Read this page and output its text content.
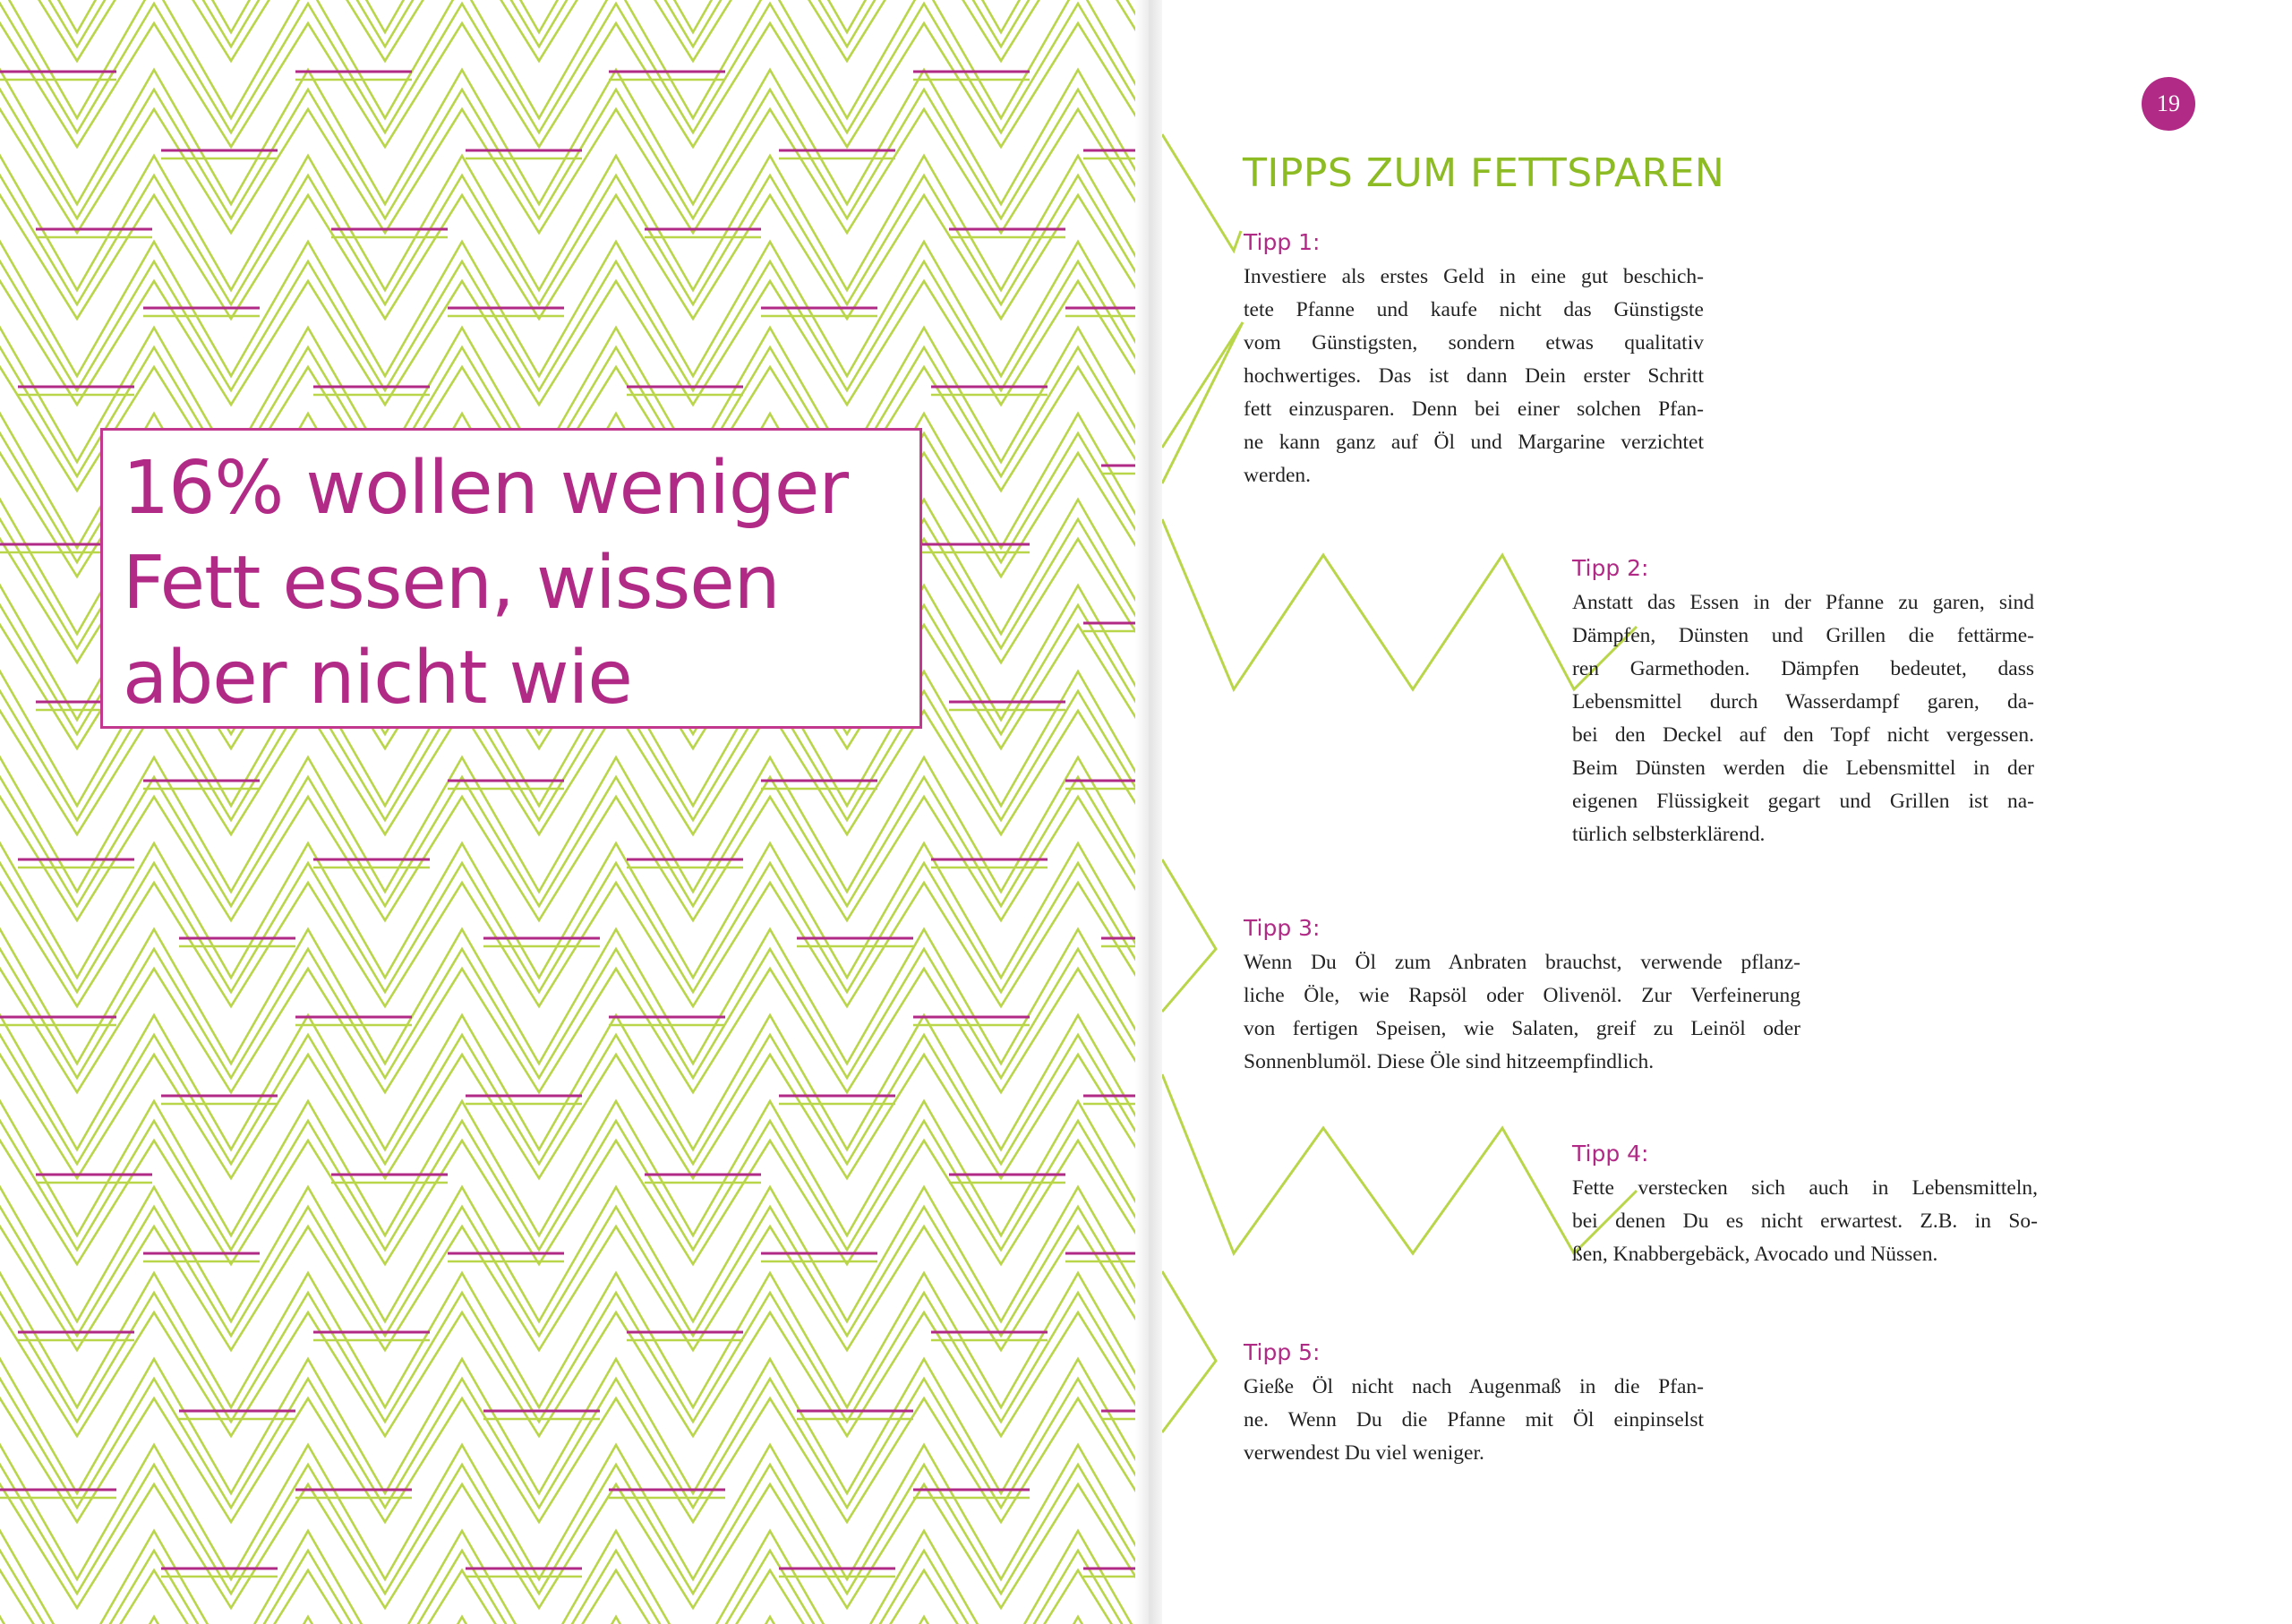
16% wollen weniger
Fett essen, wissen
aber nicht wie
19
TIPPS ZUM FETTSPAREN
Tipp 1:
Investiere als erstes Geld in eine gut beschich-
tete Pfanne und kaufe nicht das Günstigste
vom Günstigsten, sondern etwas qualitativ
hochwertiges. Das ist dann Dein erster Schritt
fett einzusparen. Denn bei einer solchen Pfan-
ne kann ganz auf Öl und Margarine verzichtet
werden.
Tipp 2:
Anstatt das Essen in der Pfanne zu garen, sind
Dämpfen, Dünsten und Grillen die fettärme-
ren Garmethoden. Dämpfen bedeutet, dass
Lebensmittel durch Wasserdampf garen, da-
bei den Deckel auf den Topf nicht vergessen.
Beim Dünsten werden die Lebensmittel in der
eigenen Flüssigkeit gegart und Grillen ist na-
türlich selbsterklärend.
Tipp 3:
Wenn Du Öl zum Anbraten brauchst, verwende pflanz-
liche Öle, wie Rapsöl oder Olivenöl. Zur Verfeinerung
von fertigen Speisen, wie Salaten, greif zu Leinöl oder
Sonnenblumöl. Diese Öle sind hitzeempfindlich.
Tipp 4:
Fette verstecken sich auch in Lebensmitteln,
bei denen Du es nicht erwartest. Z.B. in So-
ßen, Knabbergebäck, Avocado und Nüssen.
Tipp 5:
Gieße Öl nicht nach Augenmaß in die Pfan-
ne. Wenn Du die Pfanne mit Öl einpinselst
verwendest Du viel weniger.
